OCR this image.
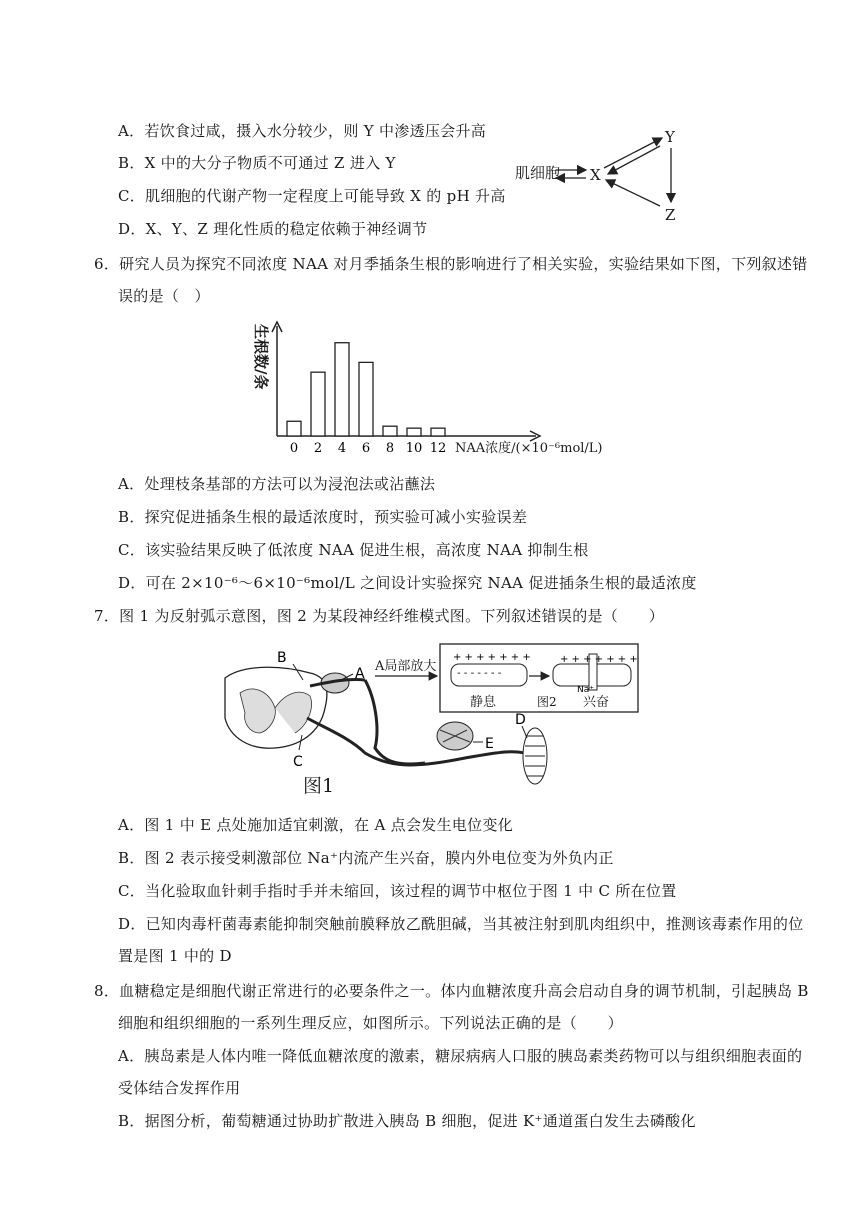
A．若饮食过咸，摄入水分较少，则 Y 中渗透压会升高
B．X 中的大分子物质不可通过 Z 进入 Y
C．肌细胞的代谢产物一定程度上可能导致 X 的 pH 升高
D．X、Y、Z 理化性质的稳定依赖于神经调节
肌细胞 X
Y
Z
6．研究人员为探究不同浓度 NAA 对月季插条生根的影响进行了相关实验，实验结果如下图，下列叙述错
误的是（　）
生根数/条
0 2 4 6 8 10 12 NAA浓度/(×10⁻⁶mol/L)
A．处理枝条基部的方法可以为浸泡法或沾蘸法
B．探究促进插条生根的最适浓度时，预实验可减小实验误差
C．该实验结果反映了低浓度 NAA 促进生根，高浓度 NAA 抑制生根
D．可在 2×10⁻⁶～6×10⁻⁶mol/L 之间设计实验探究 NAA 促进插条生根的最适浓度
7．图 1 为反射弧示意图，图 2 为某段神经纤维模式图。下列叙述错误的是（　　）
E
D
B
A
C
图1
A局部放大
+ + + + + + +
- - - - - - -
+ + + + + + +
Na⁺
静息	图2 兴奋
A．图 1 中 E 点处施加适宜刺激，在 A 点会发生电位变化
B．图 2 表示接受刺激部位 Na⁺内流产生兴奋，膜内外电位变为外负内正
C．当化验取血针刺手指时手并未缩回，该过程的调节中枢位于图 1 中 C 所在位置
D．已知肉毒杆菌毒素能抑制突触前膜释放乙酰胆碱，当其被注射到肌肉组织中，推测该毒素作用的位
置是图 1 中的 D
8．血糖稳定是细胞代谢正常进行的必要条件之一。体内血糖浓度升高会启动自身的调节机制，引起胰岛 B
细胞和组织细胞的一系列生理反应，如图所示。下列说法正确的是（　　）
A．胰岛素是人体内唯一降低血糖浓度的激素，糖尿病病人口服的胰岛素类药物可以与组织细胞表面的
受体结合发挥作用
B．据图分析，葡萄糖通过协助扩散进入胰岛 B 细胞，促进 K⁺通道蛋白发生去磷酸化
